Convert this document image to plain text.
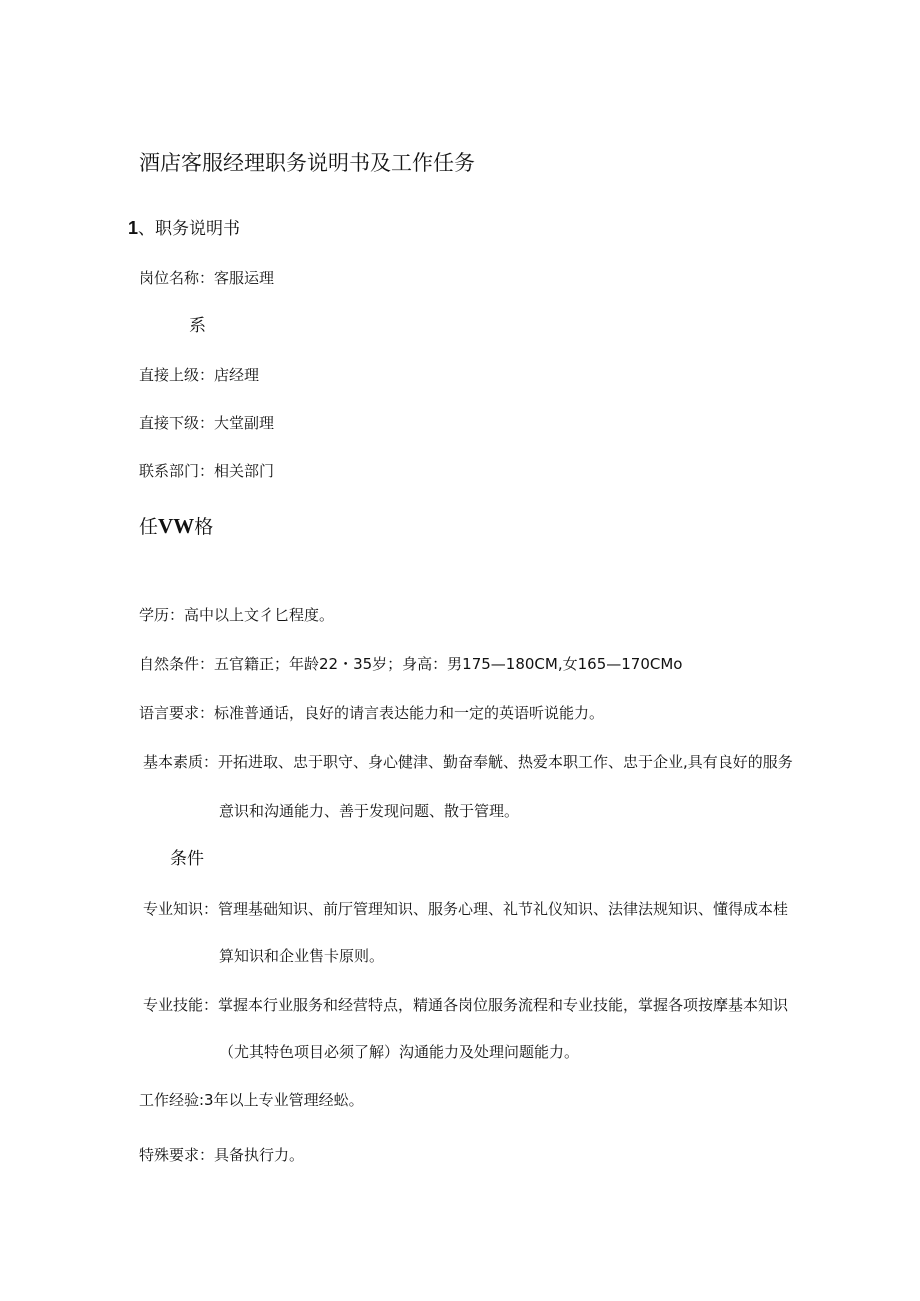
酒店客服经理职务说明书及工作任务
1、职务说明书
岗位名称：客服运理
系
直接上级：店经理
直接下级：大堂副理
联系部门：相关部门
任VW格
学历：高中以上文彳匕程度。
自然条件：五官籍正；年龄22・35岁；身高：男175—180CM,女165—170CMo
语言要求：标准普通话，良好的请言表达能力和一定的英语听说能力。
基本素质：开拓进取、忠于职守、身心健津、勤奋奉觥、热爱本职工作、忠于企业,具有良好的服务
意识和沟通能力、善于发现问题、散于管理。
条件
专业知识：管理基础知识、前厅管理知识、服务心理、礼节礼仪知识、法律法规知识、懂得成本桂
算知识和企业售卡原则。
专业技能：掌握本行业服务和经营特点，精通各岗位服务流程和专业技能，掌握各项按摩基本知识
（尤其特色项目必须了解）沟通能力及处理问题能力。
工作经验:3年以上专业管理经蚣。
特殊要求：具备执行力。
